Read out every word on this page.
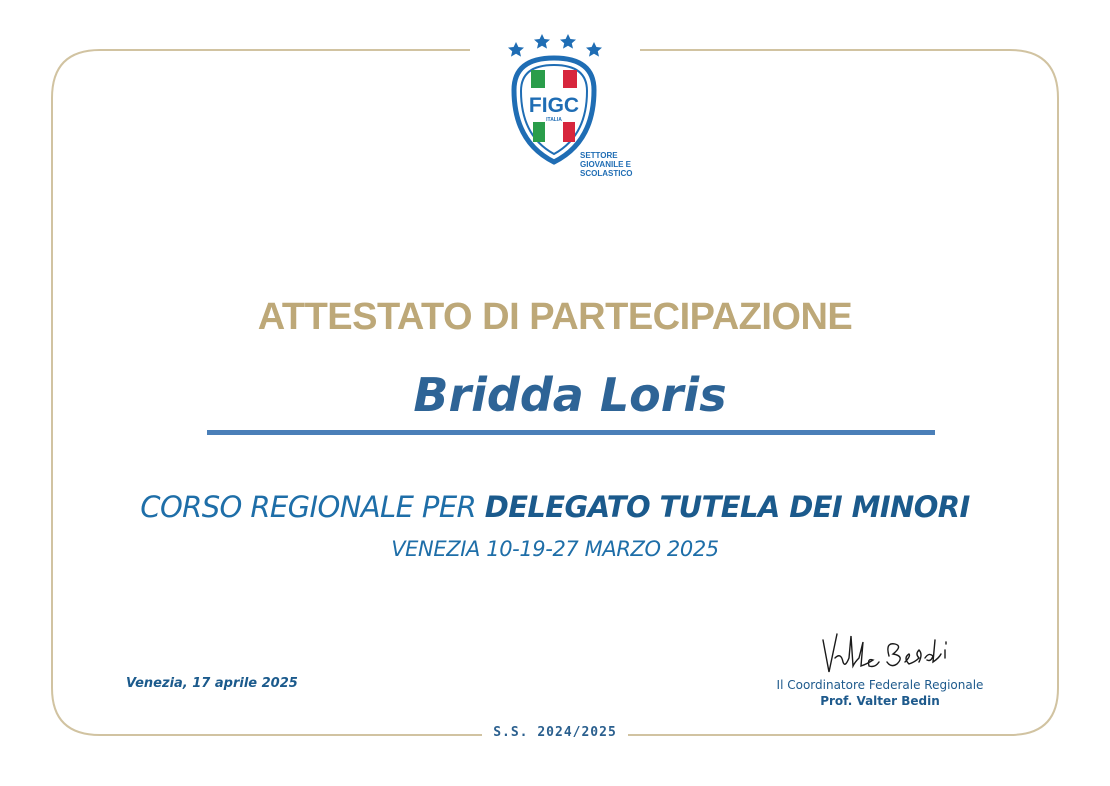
FIGC
ITALIA
SETTORE
GIOVANILE E
SCOLASTICO
ATTESTATO DI PARTECIPAZIONE
Bridda Loris
CORSO REGIONALE PER DELEGATO TUTELA DEI MINORI
VENEZIA 10-19-27 MARZO 2025
Venezia, 17 aprile 2025	Il Coordinatore Federale Regionale
Prof. Valter Bedin
S.S. 2024/2025
